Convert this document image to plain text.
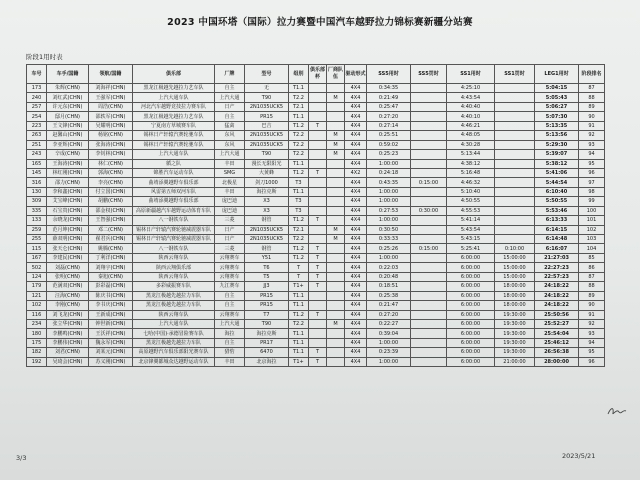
2023 中国环塔（国际）拉力赛暨中国汽车越野拉力锦标赛新疆分站赛
阶段1用时表
车号	车手/国籍	领航/国籍	俱乐部	厂牌	型号	组别	俱乐部杯	厂商队伍	驱动形式	SS5用时	SS5罚时	SS1用时	SS1罚时	LEG1用时	阶段排名
173	朱辉(CHN)	刘海祥(CHN)	黑龙江极越先越拉力艺车队	自主	无	T1.1			4X4	0:34:35		4:25:10		5:04:15	87
240	刘红武(CHN)	王强军(CHN)	上汽大通车队	上汽大通	T90	T2.2		M	4X4	0:21:49		4:43:54		5:05:43	88
257	许元东(CHN)	周浩(CHN)	河北汽车越野竞技拉力赛车队	日产	2N1035UCK5	T2.1			4X4	0:25:47		4:40:40		5:06:27	89
254	邸月(CHN)	邵轶军(CHN)	黑龙江极越先越拉力艺车队	自主	PR15	T1.1			4X4	0:27:20		4:40:10		5:07:30	90
223	王文锋(CHN)	吴耀明(CHN)	宁夏南方草城赛车队	猛禽	巴吉	T1.2	T		4X4	0:27:14		4:46:21		5:13:35	91
263	赵馨山(CHN)	杨铭(CHN)	锡林日产轩辕汽赛轮驰车队	东风	2N1035UCK5	T2.2		M	4X4	0:25:51		4:48:05		5:13:56	92
251	李亚辉(CHN)	张海涛(CHN)	锡林日产轩辕汽赛轮驰车队	东风	2N1035UCK5	T2.2		M	4X4	0:59:02		4:30:28		5:29:30	93
243	辛成(CHN)	李钊林(CHN)	上汽大通车队	上汽大通	T90	T2.2		M	4X4	0:25:23		5:13:44		5:39:07	94
165	王海涛(CHN)	林仁(CHN)	循之队	丰田	漫长无限阳光	T1.1			4X4	1:00:00		4:38:12		5:38:12	95
145	林红刚(CHN)	郭海(CHN)	锦胜汽车运动车队	SMG	大黄蜂	T1.2	T		4X2	0:24:18		5:16:48		5:41:06	96
316	邵力(CHN)	李亮(CHN)	曲靖添翼越野车俱乐部	北极星	剑刀1000	T3			4X4	0:43:35	0:15:00	4:46:32		5:44:54	97
130	李和鑫(CHN)	付立国(CHN)	风雷第五师双河车队	丰田	海拉克斯	T1.1			4X4	1:00:00		5:10:40		6:10:40	98
309	艾宝峰(CHN)	胡鹏(CHN)	曲靖添翼越野车俱乐部	庞巴迪	X3	T3			4X4	1:00:00		4:50:55		5:50:55	99
335	石宝贵(CHN)	邵金权(CHN)	高原新疆越汽车越野运动体育车队	庞巴迪	X3	T3			4X4	0:27:53	0:30:00	4:55:53		5:53:46	100
133	余晓龙(CHN)	王智强(CHN)	八一钢铁车队	三菱	钢管	T1.2	T		4X4	1:00:00		5:41:14		6:13:33	101
259	范月坤(CHN)	邓二(CHN)	锡林日产轩辕汽赛轮驰减震器车队	日产	2N1035UCK5	T2.1		M	4X4	0:30:50		5:43:54		6:14:15	102
255	薛双明(CHN)	翟君兵(CHN)	锡林日产轩辕汽赛轮驰减震器车队	日产	2N1035UCK5	T2.2		M	4X4	0:33:33		5:43:15		6:14:48	103
115	张天仑(CHN)	姚腾(CHN)	八一钢铁车队	三菱	钢管	T1.2	T		4X4	0:25:26	0:15:00	5:25:41	0:10:00	6:16:07	104
167	李建民(CHN)	丁利洋(CHN)	陕西云翔车队	云翔赛车	Y51	T1.2	T		4X4	1:00:00		6:00:00	15:00:00	21:27:03	85
502	刘磊(CHN)	刘翔宇(CHN)	陕西云翔俱乐部	云翔赛车	T6	T	T		4X4	0:22:03		6:00:00	15:00:00	22:27:23	86
124	张明(CHN)	秦旭(CHN)	陕西云翔车队	云翔赛车	T5	T	T		4X4	0:20:48		6:00:00	15:00:00	22:57:23	87
179	范满双(CHN)	彭彩磊(CHN)	多彩威振赛车队	九江赛车	JJ3	T1+	T		4X4	0:18:51		6:00:00	18:00:00	24:18:22	88
121	汪海(CHN)	陈庆书(CHN)	黑龙江极越先越拉力车队	自主	PR15	T1.1			4X4	0:25:38		6:00:00	18:00:00	24:18:22	89
102	李刚(CHN)	李书庆(CHN)	黑龙江极越先越拉力车队	自主	PR15	T1.1			4X4	0:21:47		6:00:00	18:00:00	24:18:22	90
116	刘飞龙(CHN)	王新成(CHN)	陕西云翔车队	云翔赛车	T7	T1.2	T		4X4	0:27:20		6:00:00	19:30:00	25:50:56	91
234	张立华(CHN)	钟世新(CHN)	上汽大通车队	上汽大通	T90	T2.2		M	4X4	0:22:27		6:00:00	19:30:00	25:52:27	92
180	李鹏鸣(CHN)	王沃祥(CHN)	七哈(中国)·承德冒险赛车队	海拉	海拉克斯	T1.1			4X4	0:39:04		6:00:00	19:30:00	25:54:04	93
175	李鹏伟(CHN)	魏永军(CHN)	黑龙江极越先越拉力车队	自主	PR17	T1.1			4X4	1:00:00		6:00:00	19:30:00	25:46:12	94
182	刘君(CHN)	刘某元(CHN)	高原越野汽车俱乐部阳光赛车队	猎豹	6470	T1.1	T		4X4	0:23:39		6:00:00	19:30:00	26:56:38	95
192	吴琦会(CHN)	苏义刚(CHN)	北京锋翼都城众达越野运动车队	丰田	北京海拉	T1+	T		4X4	1:00:00		6:00:00	21:00:00	28:00:00	96
3/3	2023/5/21
